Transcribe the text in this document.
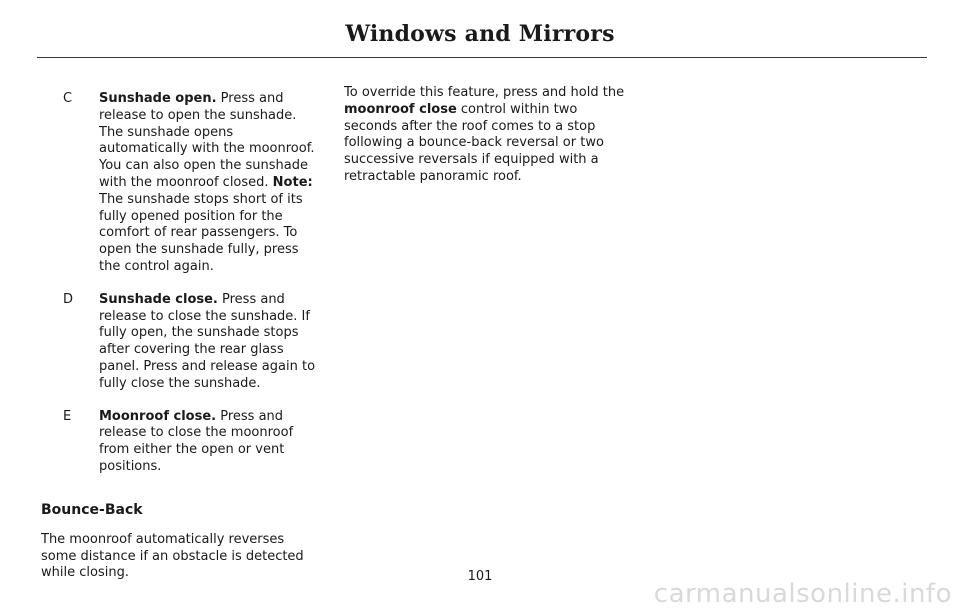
Windows and Mirrors
C	Sunshade open. Press and release to open the sunshade. The sunshade opens automatically with the moonroof. You can also open the sunshade with the moonroof closed. Note: The sunshade stops short of its fully opened position for the comfort of rear passengers. To open the sunshade fully, press the control again.
D	Sunshade close. Press and release to close the sunshade. If fully open, the sunshade stops after covering the rear glass panel. Press and release again to fully close the sunshade.
E	Moonroof close. Press and release to close the moonroof from either the open or vent positions.
Bounce-Back

The moonroof automatically reverses some distance if an obstacle is detected while closing.

To override this feature, press and hold the moonroof close control within two seconds after the roof comes to a stop following a bounce-back reversal or two successive reversals if equipped with a retractable panoramic roof.

101
carmanualsonline.info
